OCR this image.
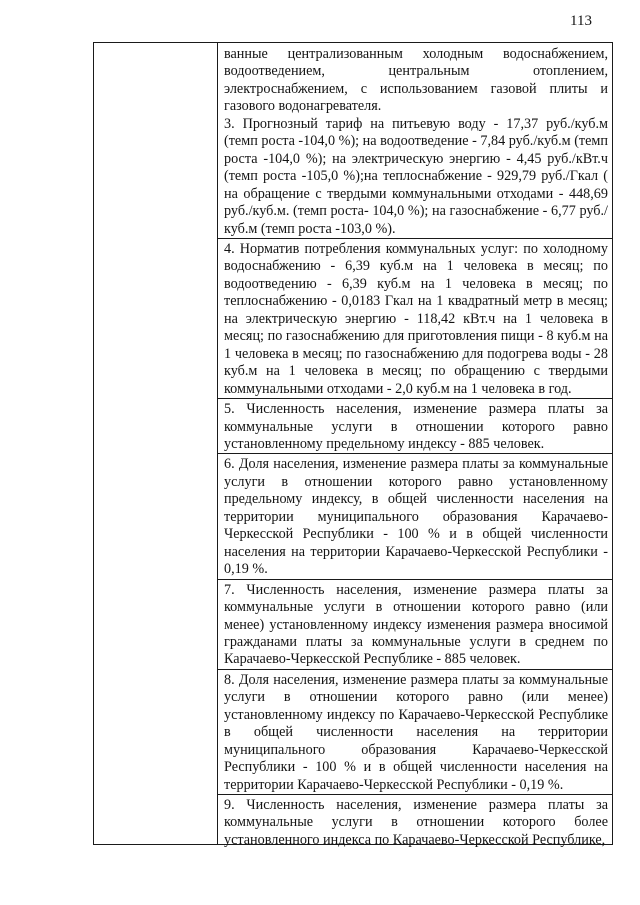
113

ванные централизованным холодным водоснабжением, водоотведением, центральным отоплением, электроснабжением, с использованием газовой плиты и газового водонагревателя.

3. Прогнозный тариф на питьевую воду - 17,37 руб./куб.м (темп роста -104,0 %); на водоотведение - 7,84 руб./куб.м (темп роста -104,0 %); на электрическую энергию - 4,45 руб./кВт.ч (темп роста -105,0 %);на теплоснабжение - 929,79 руб./Гкал ( на обращение с твердыми коммунальными отходами - 448,69 руб./куб.м. (темп роста- 104,0 %); на газоснабжение - 6,77 руб./куб.м (темп роста -103,0 %).

4. Норматив потребления коммунальных услуг: по холодному водоснабжению - 6,39 куб.м на 1 человека в месяц; по водоотведению - 6,39 куб.м на 1 человека в месяц; по теплоснабжению - 0,0183 Гкал на 1 квадратный метр в месяц; на электрическую энергию - 118,42 кВт.ч на 1 человека в месяц; по газоснабжению для приготовления пищи - 8 куб.м на 1 человека в месяц; по газоснабжению для подогрева воды - 28 куб.м на 1 человека в месяц; по обращению с твердыми коммунальными отходами - 2,0 куб.м на 1 человека в год.

5. Численность населения, изменение размера платы за коммунальные услуги в отношении которого равно установленному предельному индексу - 885 человек.

6. Доля населения, изменение размера платы за коммунальные услуги в отношении которого равно установленному предельному индексу, в общей численности населения на территории муниципального образования Карачаево-Черкесской Республики - 100 % и в общей численности населения на территории Карачаево-Черкесской Республики - 0,19 %.

7. Численность населения, изменение размера платы за коммунальные услуги в отношении которого равно (или менее) установленному индексу изменения размера вносимой гражданами платы за коммунальные услуги в среднем по Карачаево-Черкесской Республике - 885 человек.

8. Доля населения, изменение размера платы за коммунальные услуги в отношении которого равно (или менее) установленному индексу по Карачаево-Черкесской Республике в общей численности населения на территории муниципального образования Карачаево-Черкесской Республики - 100 % и в общей численности населения на территории Карачаево-Черкесской Республики - 0,19 %.

9. Численность населения, изменение размера платы за коммунальные услуги в отношении которого более установленного индекса по Карачаево-Черкесской Республике,
